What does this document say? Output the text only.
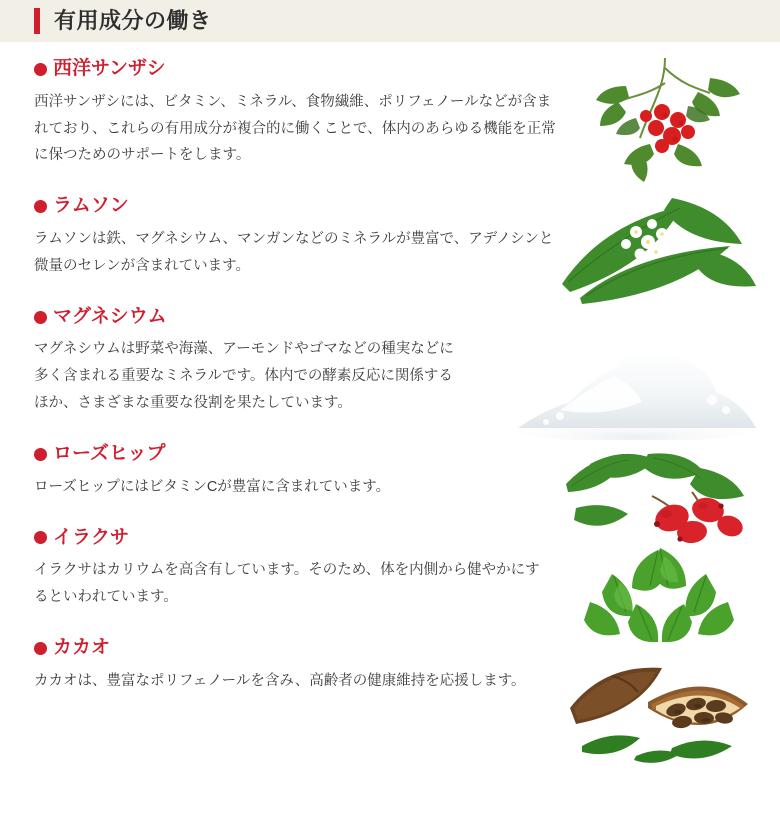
有用成分の働き
西洋サンザシ

西洋サンザシには、ビタミン、ミネラル、食物繊維、ポリフェノールなどが含まれており、これらの有用成分が複合的に働くことで、体内のあらゆる機能を正常に保つためのサポートをします。

ラムソン

ラムソンは鉄、マグネシウム、マンガンなどのミネラルが豊富で、アデノシンと微量のセレンが含まれています。

マグネシウム

マグネシウムは野菜や海藻、アーモンドやゴマなどの種実などに多く含まれる重要なミネラルです。体内での酵素反応に関係するほか、さまざまな重要な役割を果たしています。

ローズヒップ

ローズヒップにはビタミンCが豊富に含まれています。

イラクサ

イラクサはカリウムを高含有しています。そのため、体を内側から健やかにするといわれています。

カカオ

カカオは、豊富なポリフェノールを含み、高齢者の健康維持を応援します。
